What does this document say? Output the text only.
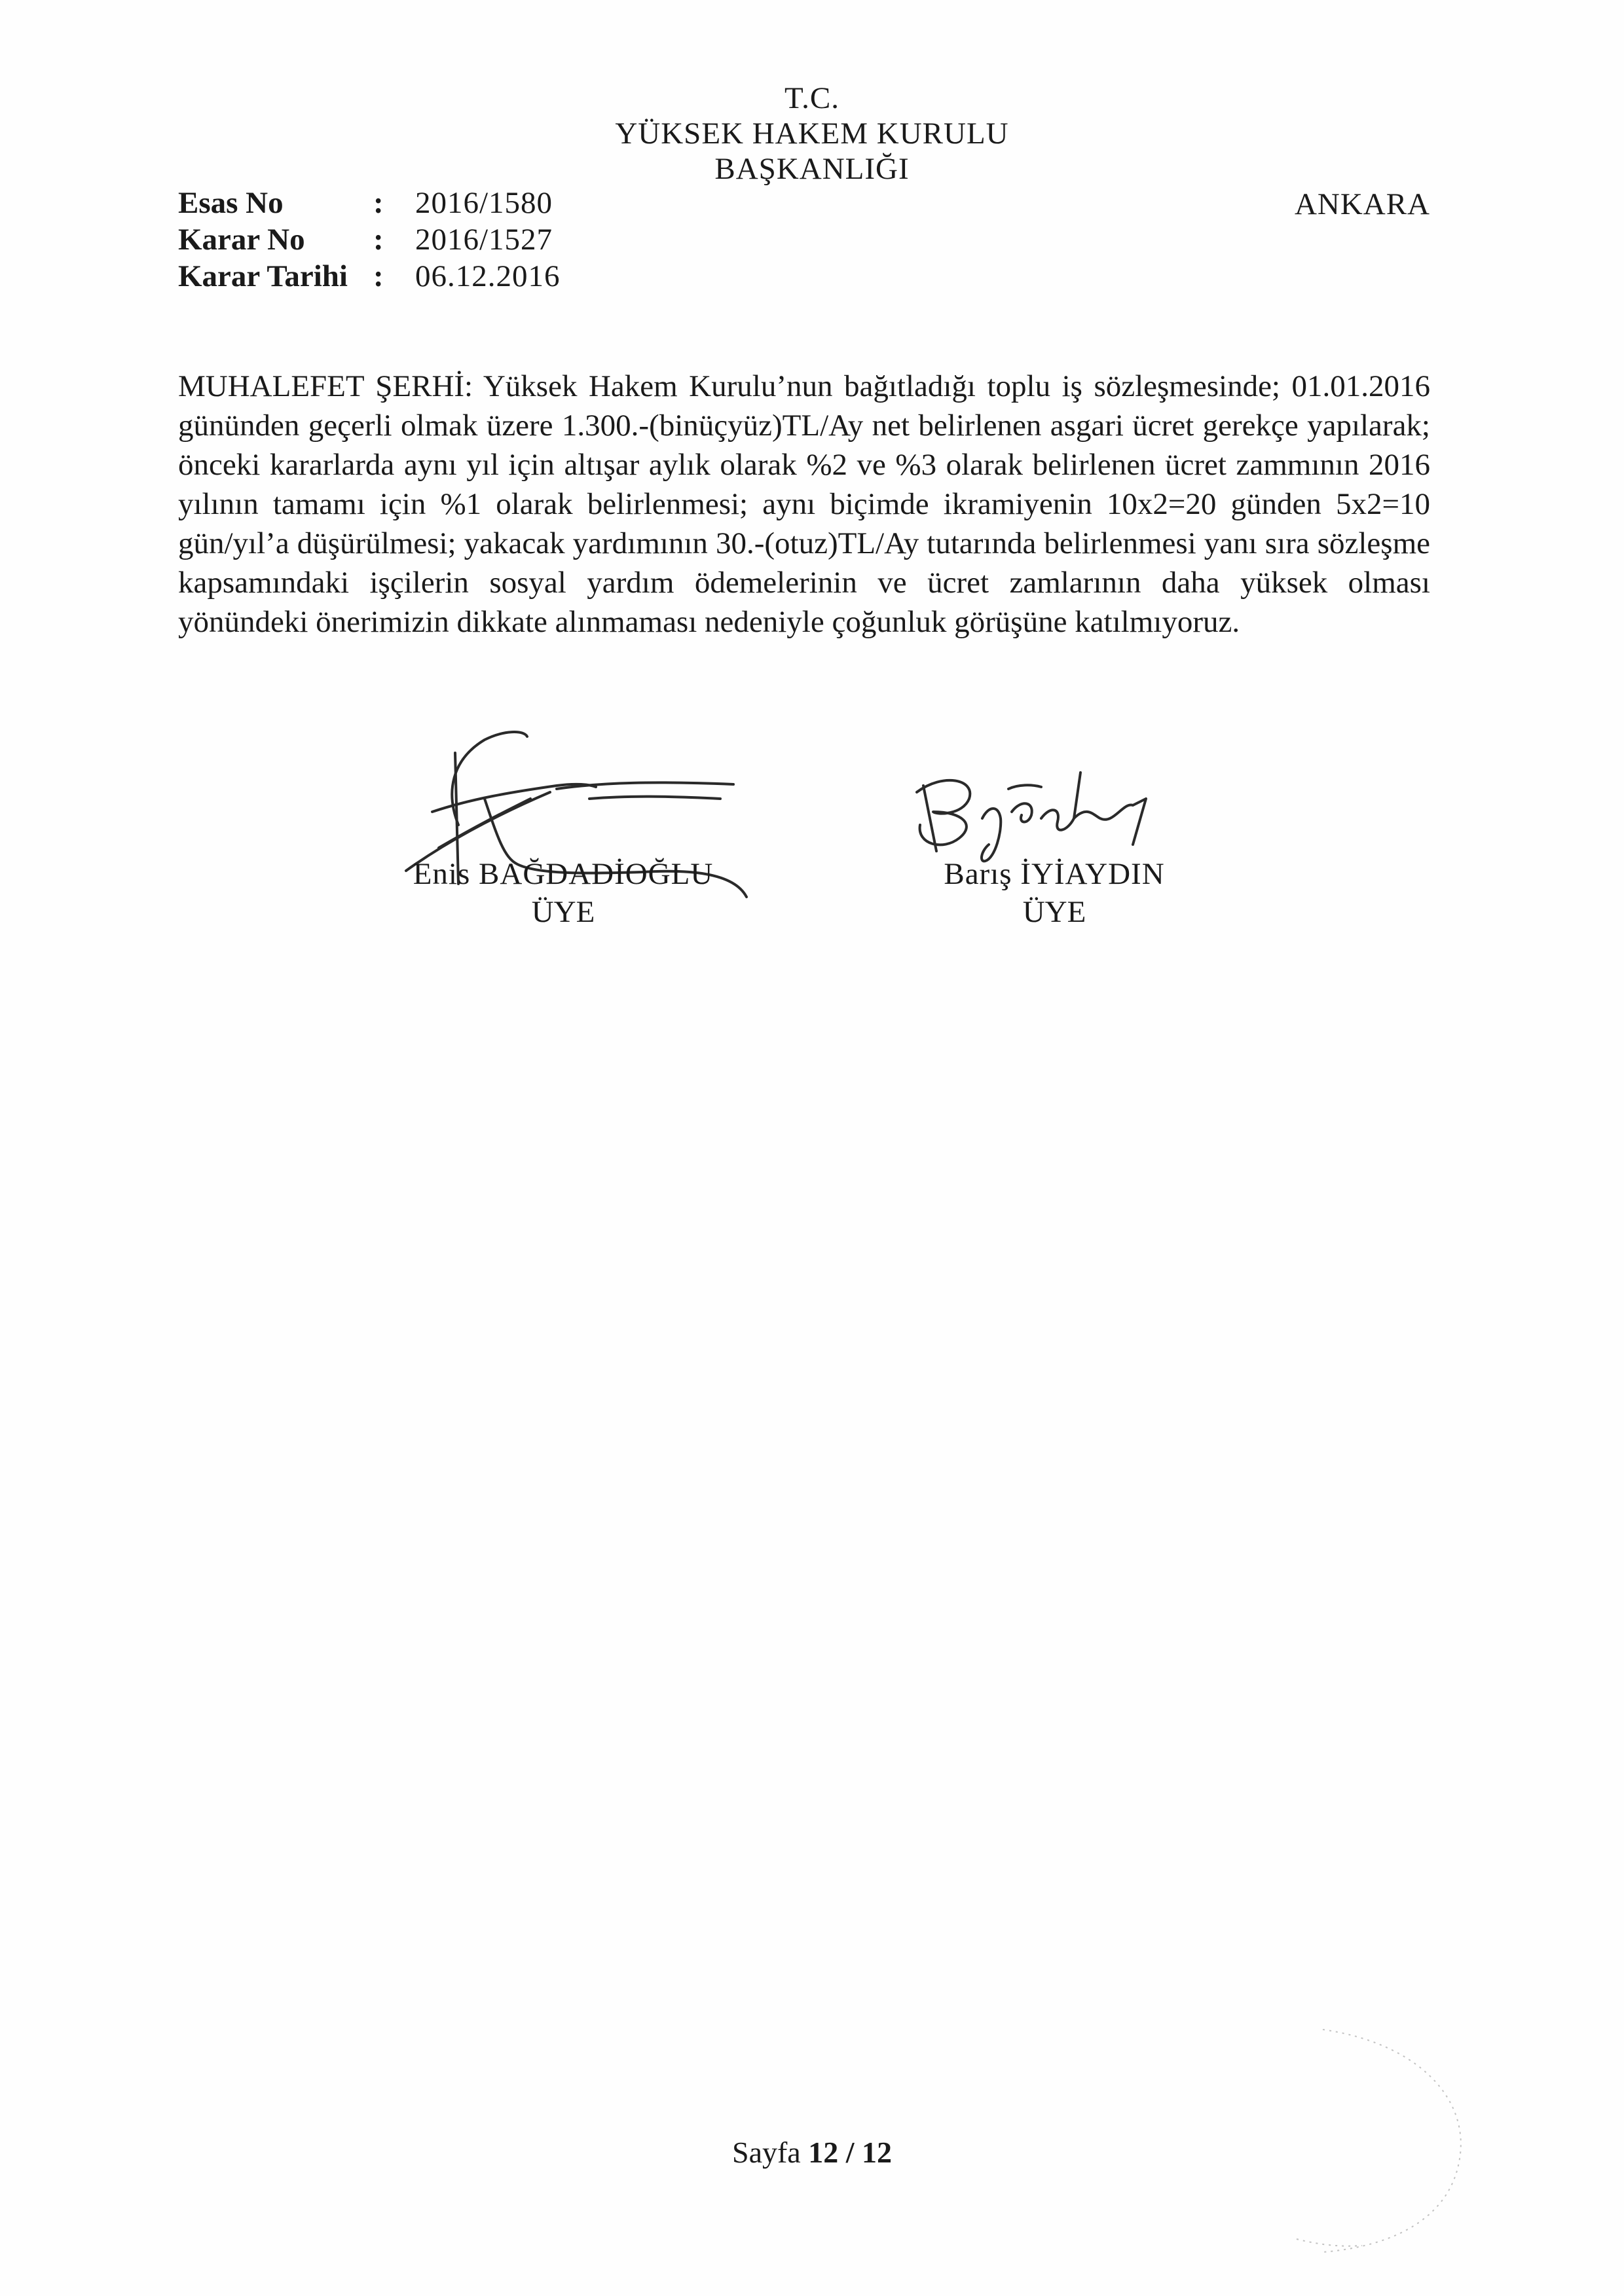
T.C.
YÜKSEK HAKEM KURULU
BAŞKANLIĞI
Esas No	: 2016/1580
Karar No : 2016/1527
Karar Tarihi : 06.12.2016
ANKARA
MUHALEFET ŞERHİ: Yüksek Hakem Kurulu’nun bağıtladığı toplu iş sözleşmesinde; 01.01.2016 gününden geçerli olmak üzere 1.300.-(binüçyüz)TL/Ay net belirlenen asgari ücret gerekçe yapılarak; önceki kararlarda aynı yıl için altışar aylık olarak %2 ve %3 olarak belirlenen ücret zammının 2016 yılının tamamı için %1 olarak belirlenmesi; aynı biçimde ikramiyenin 10x2=20 günden 5x2=10 gün/yıl’a düşürülmesi; yakacak yardımının 30.-(otuz)TL/Ay tutarında belirlenmesi yanı sıra sözleşme kapsamındaki işçilerin sosyal yardım ödemelerinin ve ücret zamlarının daha yüksek olması yönündeki önerimizin dikkate alınmaması nedeniyle çoğunluk görüşüne katılmıyoruz.
Enis BAĞDADİOĞLU
ÜYE
Barış İYİAYDIN
ÜYE
Sayfa 12 / 12
